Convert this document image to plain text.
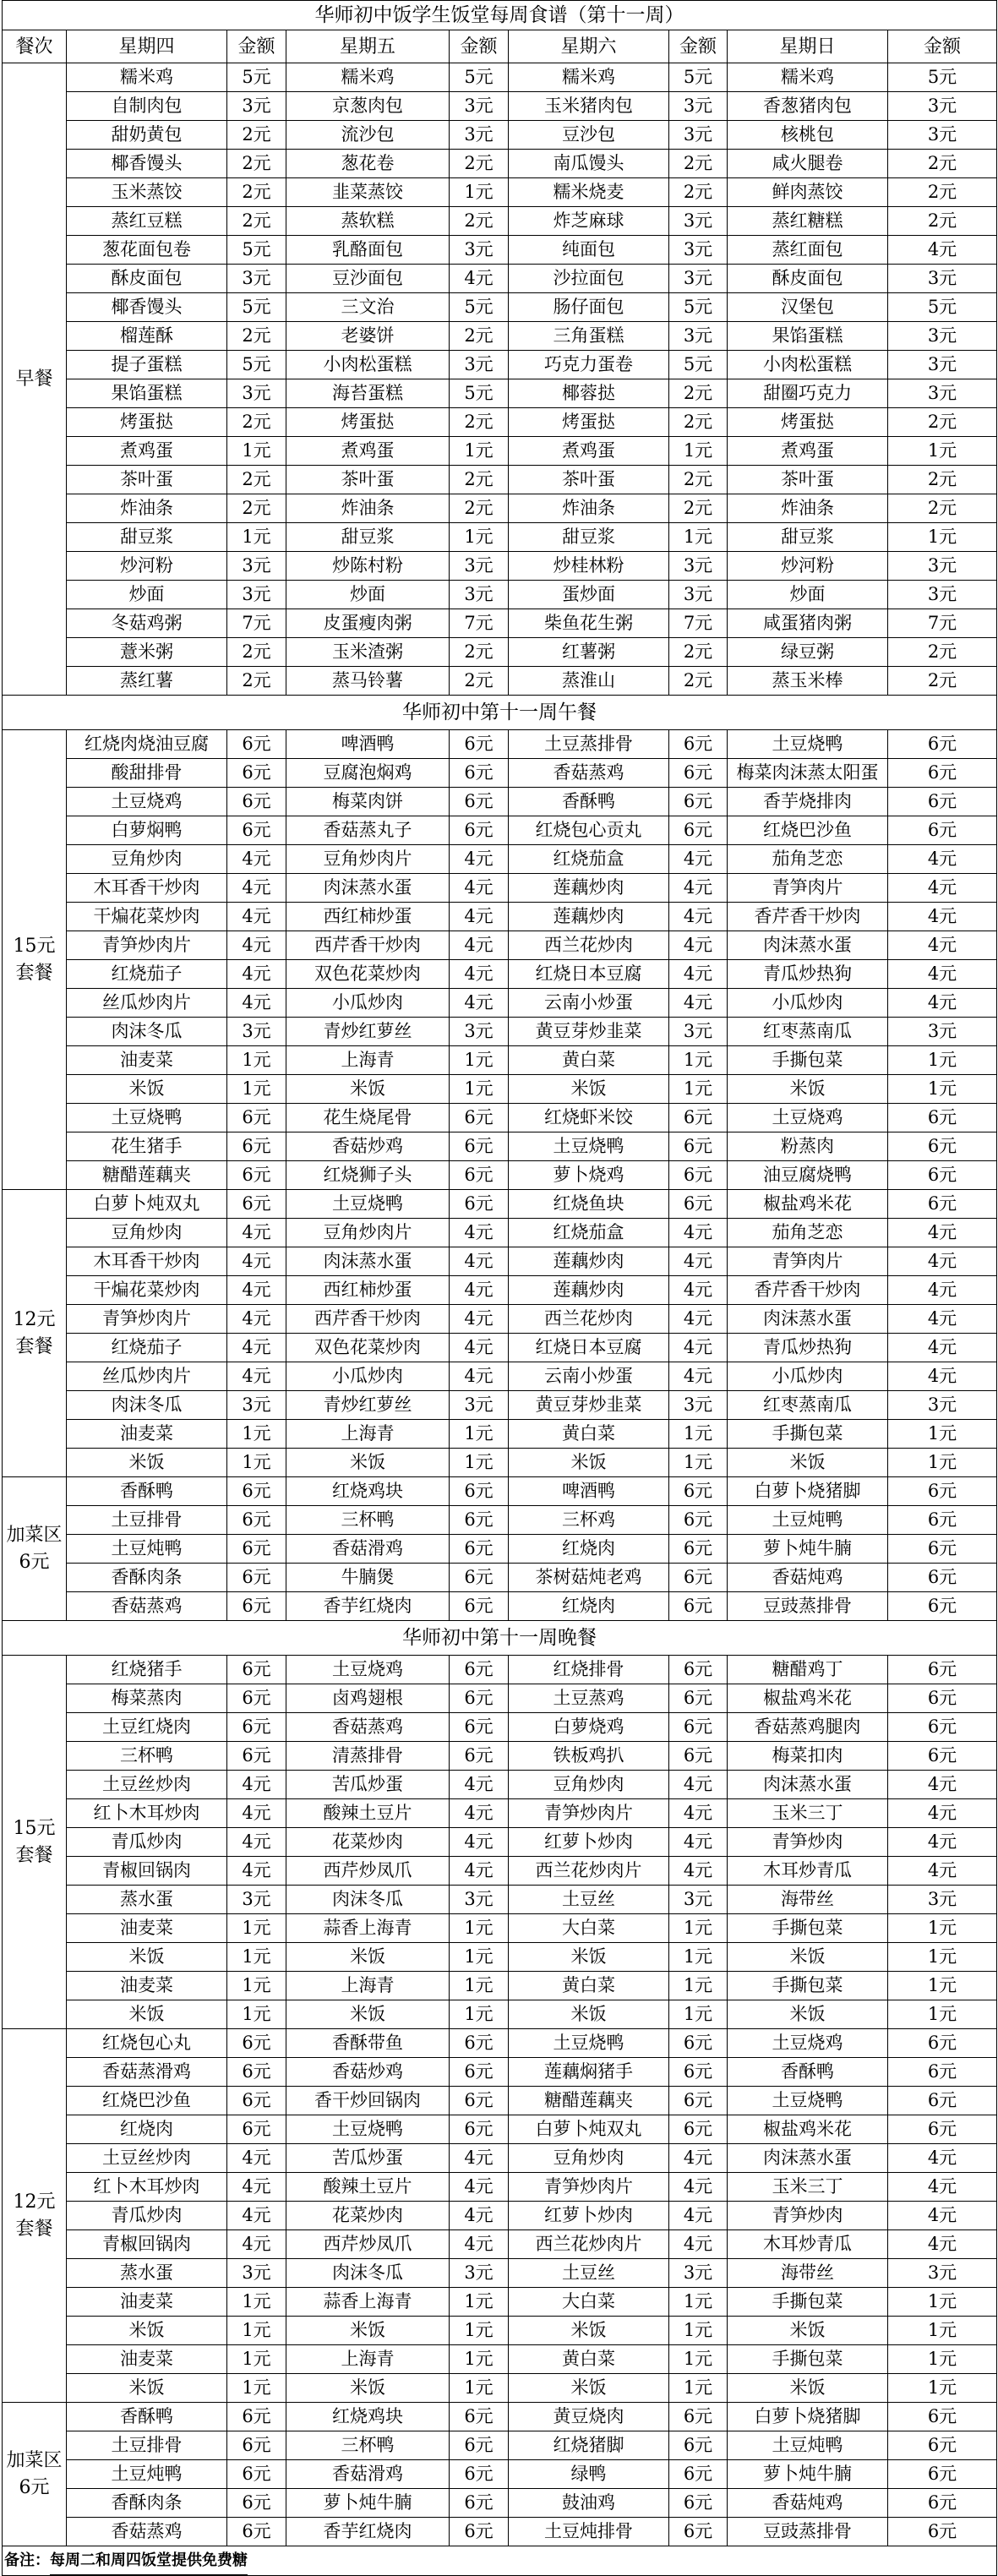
华师初中饭学生饭堂每周食谱（第十一周）								
餐次	星期四	金额	星期五	金额	星期六	金额	星期日	金额
早餐	糯米鸡	5元	糯米鸡	5元	糯米鸡	5元	糯米鸡	5元
	自制肉包	3元	京葱肉包	3元	玉米猪肉包	3元	香葱猪肉包	3元
	甜奶黄包	2元	流沙包	3元	豆沙包	3元	核桃包	3元
	椰香馒头	2元	葱花卷	2元	南瓜馒头	2元	咸火腿卷	2元
	玉米蒸饺	2元	韭菜蒸饺	1元	糯米烧麦	2元	鲜肉蒸饺	2元
	蒸红豆糕	2元	蒸软糕	2元	炸芝麻球	3元	蒸红糖糕	2元
	葱花面包卷	5元	乳酪面包	3元	纯面包	3元	蒸红面包	4元
	酥皮面包	3元	豆沙面包	4元	沙拉面包	3元	酥皮面包	3元
	椰香馒头	5元	三文治	5元	肠仔面包	5元	汉堡包	5元
	榴莲酥	2元	老婆饼	2元	三角蛋糕	3元	果馅蛋糕	3元
	提子蛋糕	5元	小肉松蛋糕	3元	巧克力蛋卷	5元	小肉松蛋糕	3元
	果馅蛋糕	3元	海苔蛋糕	5元	椰蓉挞	2元	甜圈巧克力	3元
	烤蛋挞	2元	烤蛋挞	2元	烤蛋挞	2元	烤蛋挞	2元
	煮鸡蛋	1元	煮鸡蛋	1元	煮鸡蛋	1元	煮鸡蛋	1元
	茶叶蛋	2元	茶叶蛋	2元	茶叶蛋	2元	茶叶蛋	2元
	炸油条	2元	炸油条	2元	炸油条	2元	炸油条	2元
	甜豆浆	1元	甜豆浆	1元	甜豆浆	1元	甜豆浆	1元
	炒河粉	3元	炒陈村粉	3元	炒桂林粉	3元	炒河粉	3元
	炒面	3元	炒面	3元	蛋炒面	3元	炒面	3元
	冬菇鸡粥	7元	皮蛋瘦肉粥	7元	柴鱼花生粥	7元	咸蛋猪肉粥	7元
	薏米粥	2元	玉米渣粥	2元	红薯粥	2元	绿豆粥	2元
	蒸红薯	2元	蒸马铃薯	2元	蒸淮山	2元	蒸玉米棒	2元
华师初中第十一周午餐								
15元套餐	红烧肉烧油豆腐	6元	啤酒鸭	6元	土豆蒸排骨	6元	土豆烧鸭	6元
	酸甜排骨	6元	豆腐泡焖鸡	6元	香菇蒸鸡	6元	梅菜肉沫蒸太阳蛋	6元
	土豆烧鸡	6元	梅菜肉饼	6元	香酥鸭	6元	香芋烧排肉	6元
	白萝焖鸭	6元	香菇蒸丸子	6元	红烧包心贡丸	6元	红烧巴沙鱼	6元
	豆角炒肉	4元	豆角炒肉片	4元	红烧茄盒	4元	茄角芝恋	4元
	木耳香干炒肉	4元	肉沫蒸水蛋	4元	莲藕炒肉	4元	青笋肉片	4元
	干煸花菜炒肉	4元	西红柿炒蛋	4元	莲藕炒肉	4元	香芹香干炒肉	4元
	青笋炒肉片	4元	西芹香干炒肉	4元	西兰花炒肉	4元	肉沫蒸水蛋	4元
	红烧茄子	4元	双色花菜炒肉	4元	红烧日本豆腐	4元	青瓜炒热狗	4元
	丝瓜炒肉片	4元	小瓜炒肉	4元	云南小炒蛋	4元	小瓜炒肉	4元
	肉沫冬瓜	3元	青炒红萝丝	3元	黄豆芽炒韭菜	3元	红枣蒸南瓜	3元
	油麦菜	1元	上海青	1元	黄白菜	1元	手撕包菜	1元
	米饭	1元	米饭	1元	米饭	1元	米饭	1元
	土豆烧鸭	6元	花生烧尾骨	6元	红烧虾米饺	6元	土豆烧鸡	6元
	花生猪手	6元	香菇炒鸡	6元	土豆烧鸭	6元	粉蒸肉	6元
	糖醋莲藕夹	6元	红烧狮子头	6元	萝卜烧鸡	6元	油豆腐烧鸭	6元
12元套餐	白萝卜炖双丸	6元	土豆烧鸭	6元	红烧鱼块	6元	椒盐鸡米花	6元
	豆角炒肉	4元	豆角炒肉片	4元	红烧茄盒	4元	茄角芝恋	4元
	木耳香干炒肉	4元	肉沫蒸水蛋	4元	莲藕炒肉	4元	青笋肉片	4元
	干煸花菜炒肉	4元	西红柿炒蛋	4元	莲藕炒肉	4元	香芹香干炒肉	4元
	青笋炒肉片	4元	西芹香干炒肉	4元	西兰花炒肉	4元	肉沫蒸水蛋	4元
	红烧茄子	4元	双色花菜炒肉	4元	红烧日本豆腐	4元	青瓜炒热狗	4元
	丝瓜炒肉片	4元	小瓜炒肉	4元	云南小炒蛋	4元	小瓜炒肉	4元
	肉沫冬瓜	3元	青炒红萝丝	3元	黄豆芽炒韭菜	3元	红枣蒸南瓜	3元
	油麦菜	1元	上海青	1元	黄白菜	1元	手撕包菜	1元
	米饭	1元	米饭	1元	米饭	1元	米饭	1元
加菜区6元	香酥鸭	6元	红烧鸡块	6元	啤酒鸭	6元	白萝卜烧猪脚	6元
	土豆排骨	6元	三杯鸭	6元	三杯鸡	6元	土豆炖鸭	6元
	土豆炖鸭	6元	香菇滑鸡	6元	红烧肉	6元	萝卜炖牛腩	6元
	香酥肉条	6元	牛腩煲	6元	茶树菇炖老鸡	6元	香菇炖鸡	6元
	香菇蒸鸡	6元	香芋红烧肉	6元	红烧肉	6元	豆豉蒸排骨	6元
华师初中第十一周晚餐								
15元套餐	红烧猪手	6元	土豆烧鸡	6元	红烧排骨	6元	糖醋鸡丁	6元
	梅菜蒸肉	6元	卤鸡翅根	6元	土豆蒸鸡	6元	椒盐鸡米花	6元
	土豆红烧肉	6元	香菇蒸鸡	6元	白萝烧鸡	6元	香菇蒸鸡腿肉	6元
	三杯鸭	6元	清蒸排骨	6元	铁板鸡扒	6元	梅菜扣肉	6元
	土豆丝炒肉	4元	苦瓜炒蛋	4元	豆角炒肉	4元	肉沫蒸水蛋	4元
	红卜木耳炒肉	4元	酸辣土豆片	4元	青笋炒肉片	4元	玉米三丁	4元
	青瓜炒肉	4元	花菜炒肉	4元	红萝卜炒肉	4元	青笋炒肉	4元
	青椒回锅肉	4元	西芹炒凤爪	4元	西兰花炒肉片	4元	木耳炒青瓜	4元
	蒸水蛋	3元	肉沫冬瓜	3元	土豆丝	3元	海带丝	3元
	油麦菜	1元	蒜香上海青	1元	大白菜	1元	手撕包菜	1元
	米饭	1元	米饭	1元	米饭	1元	米饭	1元
	油麦菜	1元	上海青	1元	黄白菜	1元	手撕包菜	1元
	米饭	1元	米饭	1元	米饭	1元	米饭	1元
12元套餐	红烧包心丸	6元	香酥带鱼	6元	土豆烧鸭	6元	土豆烧鸡	6元
	香菇蒸滑鸡	6元	香菇炒鸡	6元	莲藕焖猪手	6元	香酥鸭	6元
	红烧巴沙鱼	6元	香干炒回锅肉	6元	糖醋莲藕夹	6元	土豆烧鸭	6元
	红烧肉	6元	土豆烧鸭	6元	白萝卜炖双丸	6元	椒盐鸡米花	6元
	土豆丝炒肉	4元	苦瓜炒蛋	4元	豆角炒肉	4元	肉沫蒸水蛋	4元
	红卜木耳炒肉	4元	酸辣土豆片	4元	青笋炒肉片	4元	玉米三丁	4元
	青瓜炒肉	4元	花菜炒肉	4元	红萝卜炒肉	4元	青笋炒肉	4元
	青椒回锅肉	4元	西芹炒凤爪	4元	西兰花炒肉片	4元	木耳炒青瓜	4元
	蒸水蛋	3元	肉沫冬瓜	3元	土豆丝	3元	海带丝	3元
	油麦菜	1元	蒜香上海青	1元	大白菜	1元	手撕包菜	1元
	米饭	1元	米饭	1元	米饭	1元	米饭	1元
	油麦菜	1元	上海青	1元	黄白菜	1元	手撕包菜	1元
	米饭	1元	米饭	1元	米饭	1元	米饭	1元
加菜区6元	香酥鸭	6元	红烧鸡块	6元	黄豆烧肉	6元	白萝卜烧猪脚	6元
	土豆排骨	6元	三杯鸭	6元	红烧猪脚	6元	土豆炖鸭	6元
	土豆炖鸭	6元	香菇滑鸡	6元	绿鸭	6元	萝卜炖牛腩	6元
	香酥肉条	6元	萝卜炖牛腩	6元	鼓油鸡	6元	香菇炖鸡	6元
	香菇蒸鸡	6元	香芋红烧肉	6元	土豆炖排骨	6元	豆豉蒸排骨	6元
备注：每周二和周四饭堂提供免费糖								
